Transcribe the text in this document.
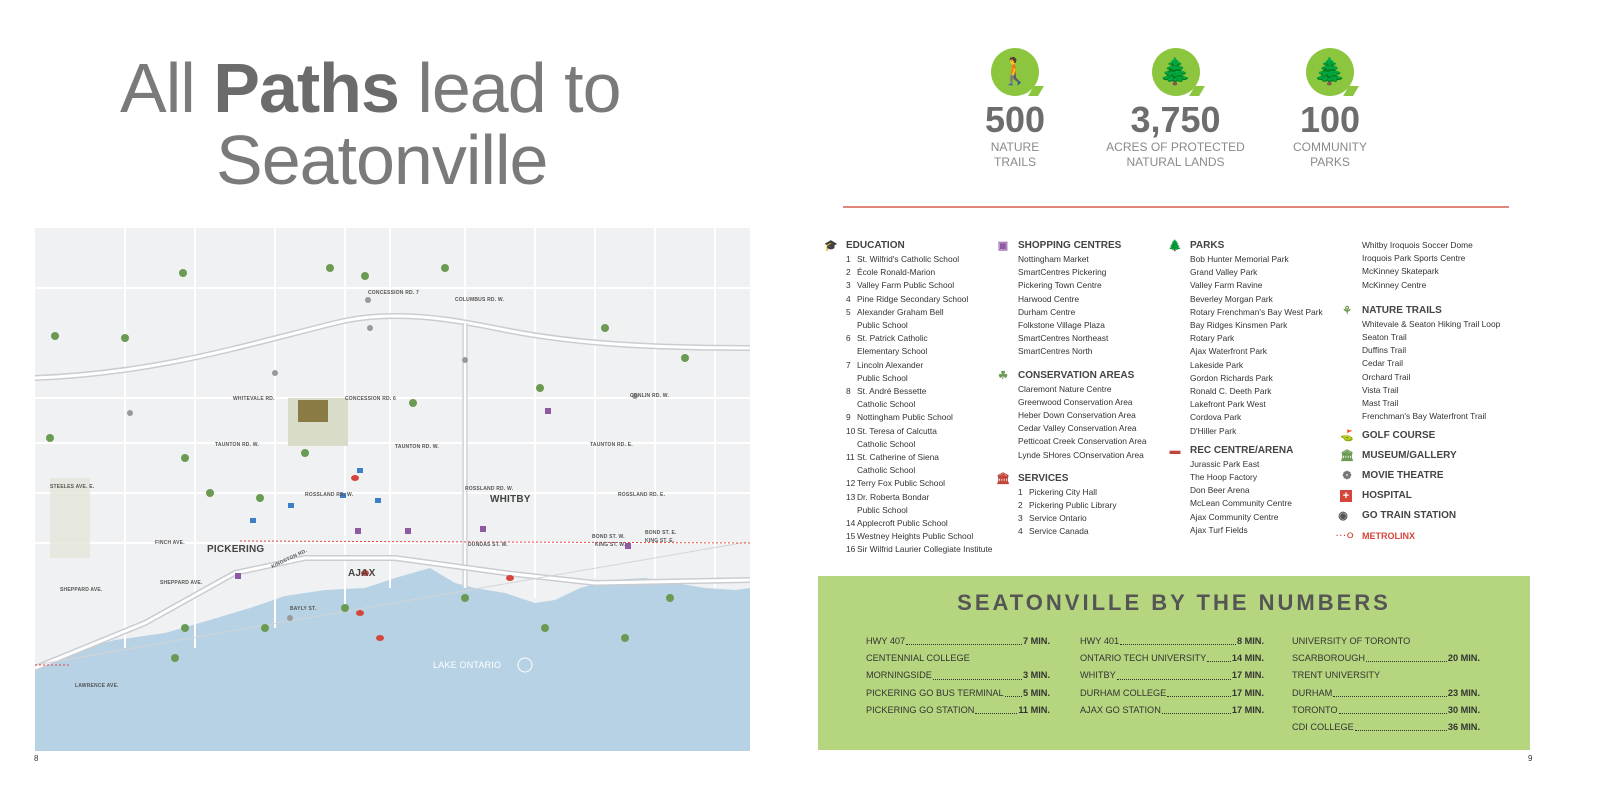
All Paths lead to
Seatonville
CONCESSION RD. 7
COLUMBUS RD. W.
WHITEVALE RD.	CONCESSION RD. 6
TAUNTON RD. W.	TAUNTON RD. W.	TAUNTON RD. E.
STEELES AVE. E.
ROSSLAND RD. W.
ROSSLAND RD. W.
ROSSLAND RD. E.
FINCH AVE.	DUNDAS ST. W.
BOND ST. W.
KING ST. W.
BOND ST. E.
KING ST. E.
BAYLY ST.
SHEPPARD AVE.
SHEPPARD AVE.
LAWRENCE AVE.
CONLIN RD. W.
KINGSTON RD.
WHITBY
PICKERING
AJAX
LAKE ONTARIO
8
🚶
500
NATURE
TRAILS
🌲
3,750
ACRES OF PROTECTED
NATURAL LANDS
🌲
100
COMMUNITY
PARKS
🎓 EDUCATION
1 St. Wilfrid's Catholic School
2 École Ronald-Marion
3 Valley Farm Public School
4 Pine Ridge Secondary School
5 Alexander Graham Bell
Public School
6 St. Patrick Catholic
Elementary School
7 Lincoln Alexander
Public School
8 St. André Bessette
Catholic School
9 Nottingham Public School
10 St. Teresa of Calcutta
Catholic School
11 St. Catherine of Siena
Catholic School
12 Terry Fox Public School
13 Dr. Roberta Bondar
Public School
14 Applecroft Public School
15 Westney Heights Public School
16 Sir Wilfrid Laurier Collegiate Institute
▣ SHOPPING CENTRES
Nottingham Market
SmartCentres Pickering
Pickering Town Centre
Harwood Centre
Durham Centre
Folkstone Village Plaza
SmartCentres Northeast
SmartCentres North
☘ CONSERVATION AREAS
Claremont Nature Centre
Greenwood Conservation Area
Heber Down Conservation Area
Cedar Valley Conservation Area
Petticoat Creek Conservation Area
Lynde SHores COnservation Area
🏛 SERVICES
1 Pickering City Hall
2 Pickering Public Library
3 Service Ontario
4 Service Canada
🌲 PARKS
Bob Hunter Memorial Park
Grand Valley Park
Valley Farm Ravine
Beverley Morgan Park
Rotary Frenchman's Bay West Park
Bay Ridges Kinsmen Park
Rotary Park
Ajax Waterfront Park
Lakeside Park
Gordon Richards Park
Ronald C. Deeth Park
Lakefront Park West
Cordova Park
D'Hiller Park
▬ REC CENTRE/ARENA
Jurassic Park East
The Hoop Factory
Don Beer Arena
McLean Community Centre
Ajax Community Centre
Ajax Turf Fields
Whitby Iroquois Soccer Dome
Iroquois Park Sports Centre
McKinney Skatepark
McKinney Centre
⚘ NATURE TRAILS
Whitevale & Seaton Hiking Trail Loop
Seaton Trail
Duffins Trail
Cedar Trail
Orchard Trail
Vista Trail
Mast Trail
Frenchman's Bay Waterfront Trail
⛳ GOLF COURSE
🏛 MUSEUM/GALLERY
❁ MOVIE THEATRE
+ HOSPITAL
◉ GO TRAIN STATION
···⭘ METROLINX
SEATONVILLE BY THE NUMBERS
HWY 407	7 MIN.
CENTENNIAL COLLEGE
MORNINGSIDE	3 MIN.
PICKERING GO BUS TERMINAL 5 MIN.
PICKERING GO STATION	11 MIN.
HWY 401	8 MIN.
ONTARIO TECH UNIVERSITY	14 MIN.
WHITBY	17 MIN.
DURHAM COLLEGE	17 MIN.
AJAX GO STATION	17 MIN.
UNIVERSITY OF TORONTO
SCARBOROUGH	20 MIN.
TRENT UNIVERSITY
DURHAM	23 MIN.
TORONTO	30 MIN.
CDI COLLEGE	36 MIN.
9
